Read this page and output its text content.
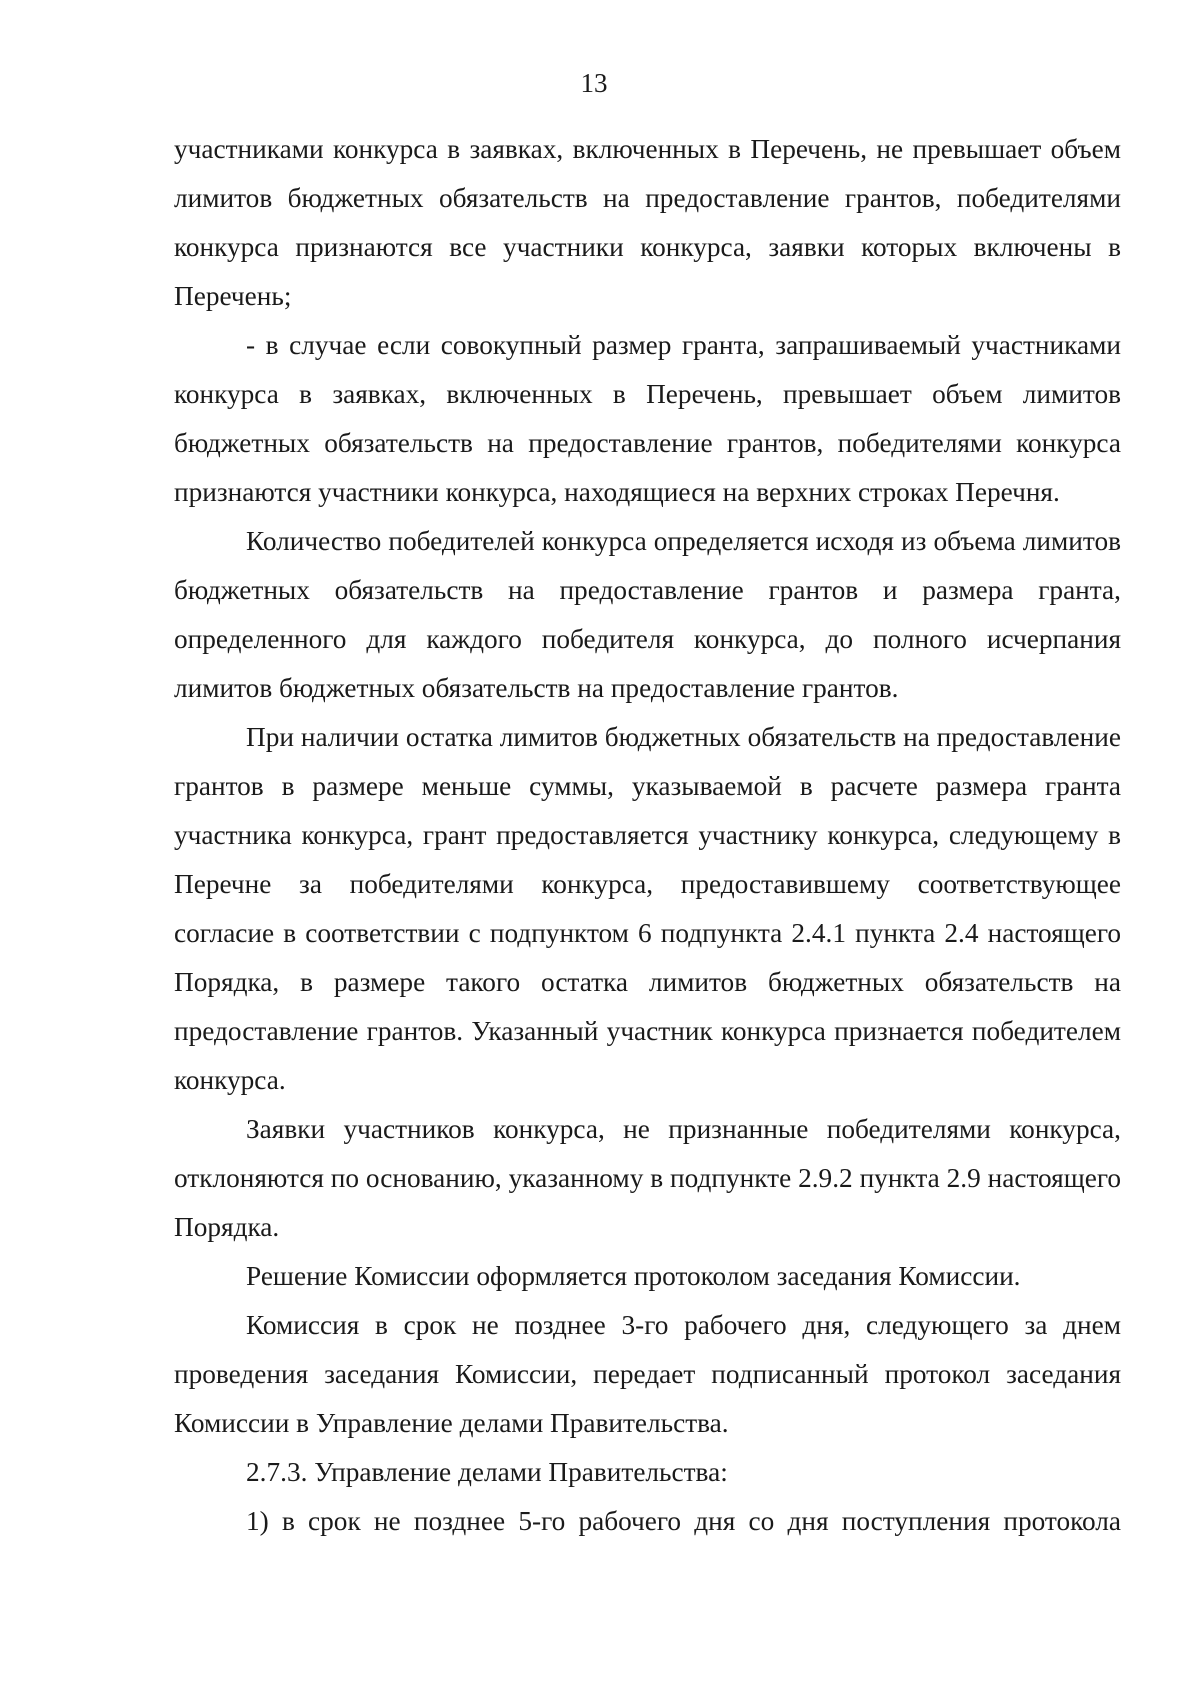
13

участниками конкурса в заявках, включенных в Перечень, не превышает объем лимитов бюджетных обязательств на предоставление грантов, победителями конкурса признаются все участники конкурса, заявки которых включены в Перечень;

- в случае если совокупный размер гранта, запрашиваемый участниками конкурса в заявках, включенных в Перечень, превышает объем лимитов бюджетных обязательств на предоставление грантов, победителями конкурса признаются участники конкурса, находящиеся на верхних строках Перечня.

Количество победителей конкурса определяется исходя из объема лимитов бюджетных обязательств на предоставление грантов и размера гранта, определенного для каждого победителя конкурса, до полного исчерпания лимитов бюджетных обязательств на предоставление грантов.

При наличии остатка лимитов бюджетных обязательств на предоставление грантов в размере меньше суммы, указываемой в расчете размера гранта участника конкурса, грант предоставляется участнику конкурса, следующему в Перечне за победителями конкурса, предоставившему соответствующее согласие в соответствии с подпунктом 6 подпункта 2.4.1 пункта 2.4 настоящего Порядка, в размере такого остатка лимитов бюджетных обязательств на предоставление грантов. Указанный участник конкурса признается победителем конкурса.

Заявки участников конкурса, не признанные победителями конкурса, отклоняются по основанию, указанному в подпункте 2.9.2 пункта 2.9 настоящего Порядка.

Решение Комиссии оформляется протоколом заседания Комиссии.

Комиссия в срок не позднее 3-го рабочего дня, следующего за днем проведения заседания Комиссии, передает подписанный протокол заседания Комиссии в Управление делами Правительства.

2.7.3. Управление делами Правительства:

1) в срок не позднее 5-го рабочего дня со дня поступления протокола
